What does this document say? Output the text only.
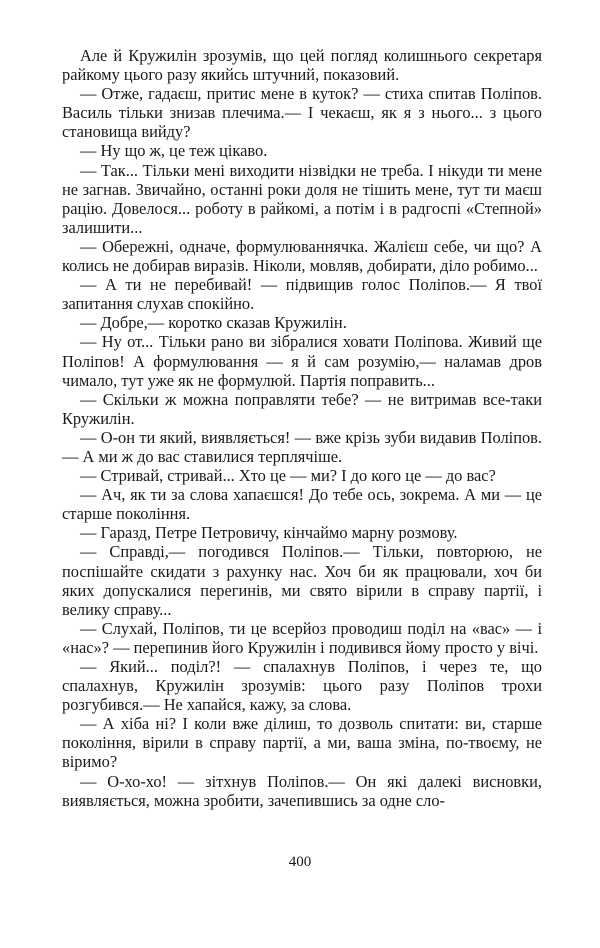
Але й Кружилін зрозумів, що цей погляд колишнього секретаря райкому цього разу якийсь штучний, показовий.

— Отже, гадаєш, притис мене в куток? — стиха спитав Поліпов. Василь тільки знизав плечима.— І чекаєш, як я з нього... з цього становища вийду?

— Ну що ж, це теж цікаво.

— Так... Тільки мені виходити нізвідки не треба. І нікуди ти мене не загнав. Звичайно, останні роки доля не тішить мене, тут ти маєш рацію. Довелося... роботу в райкомі, а потім і в радгоспі «Степной» залишити...

— Обережні, одначе, формулюваннячка. Жалієш себе, чи що? А колись не добирав виразів. Ніколи, мовляв, добирати, діло робимо...

— А ти не перебивай! — підвищив голос Поліпов.— Я твої запитання слухав спокійно.

— Добре,— коротко сказав Кружилін.

— Ну от... Тільки рано ви зібралися ховати Поліпова. Живий ще Поліпов! А формулювання — я й сам розумію,— наламав дров чимало, тут уже як не формулюй. Партія поправить...

— Скільки ж можна поправляти тебе? — не витримав все-таки Кружилін.

— О-он ти який, виявляється! — вже крізь зуби видавив Поліпов.— А ми ж до вас ставилися терплячіше.

— Стривай, стривай... Хто це — ми? І до кого це — до вас?

— Ач, як ти за слова хапаєшся! До тебе ось, зокрема. А ми — це старше покоління.

— Гаразд, Петре Петровичу, кінчаймо марну розмову.

— Справді,— погодився Поліпов.— Тільки, повторюю, не поспішайте скидати з рахунку нас. Хоч би як працювали, хоч би яких допускалися перегинів, ми свято вірили в справу партії, і велику справу...

— Слухай, Поліпов, ти це всерйоз проводиш поділ на «вас» — і «нас»? — перепинив його Кружилін і подивився йому просто у вічі.

— Який... поділ?! — спалахнув Поліпов, і через те, що спалахнув, Кружилін зрозумів: цього разу Поліпов трохи розгубився.— Не хапайся, кажу, за слова.

— А хіба ні? І коли вже ділиш, то дозволь спитати: ви, старше покоління, вірили в справу партії, а ми, ваша зміна, по-твоєму, не віримо?

— О-хо-хо! — зітхнув Поліпов.— Он які далекі висновки, виявляється, можна зробити, зачепившись за одне сло-

400
